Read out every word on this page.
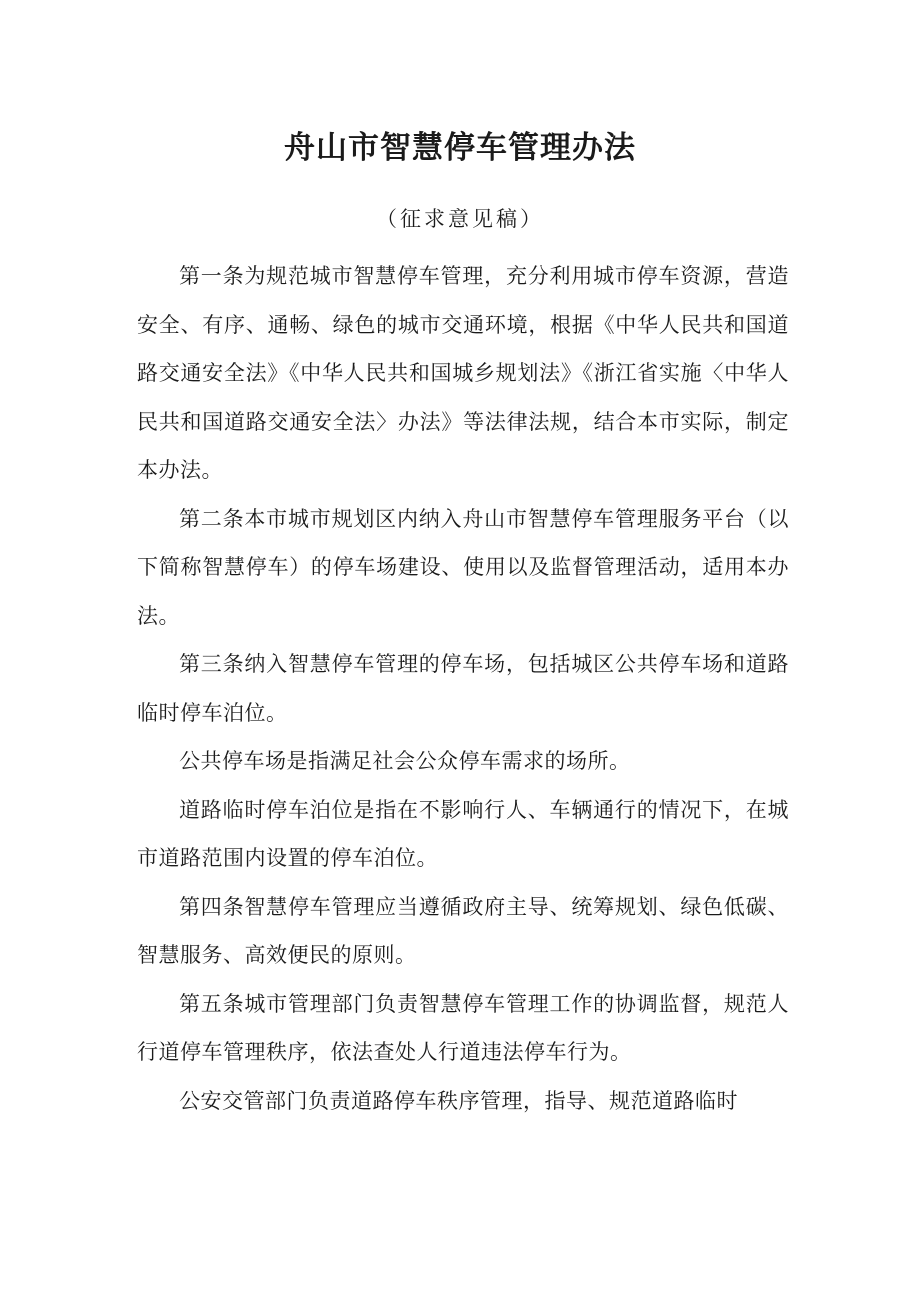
舟山市智慧停车管理办法
（征求意见稿）

第一条为规范城市智慧停车管理，充分利用城市停车资源，营造安全、有序、通畅、绿色的城市交通环境，根据《中华人民共和国道路交通安全法》《中华人民共和国城乡规划法》《浙江省实施〈中华人民共和国道路交通安全法〉办法》等法律法规，结合本市实际，制定本办法。

第二条本市城市规划区内纳入舟山市智慧停车管理服务平台（以下简称智慧停车）的停车场建设、使用以及监督管理活动，适用本办法。

第三条纳入智慧停车管理的停车场，包括城区公共停车场和道路临时停车泊位。

公共停车场是指满足社会公众停车需求的场所。

道路临时停车泊位是指在不影响行人、车辆通行的情况下，在城市道路范围内设置的停车泊位。

第四条智慧停车管理应当遵循政府主导、统筹规划、绿色低碳、智慧服务、高效便民的原则。

第五条城市管理部门负责智慧停车管理工作的协调监督，规范人行道停车管理秩序，依法查处人行道违法停车行为。

公安交管部门负责道路停车秩序管理，指导、规范道路临时
